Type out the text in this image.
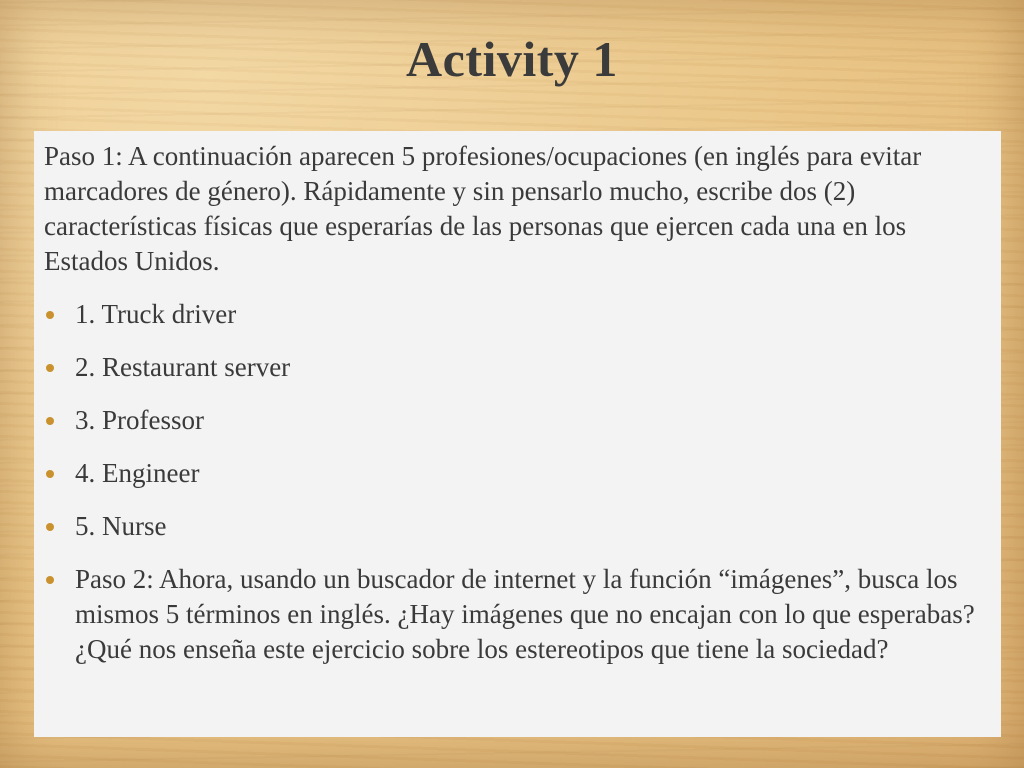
Activity 1

Paso 1: A continuación aparecen 5 profesiones/ocupaciones (en inglés para evitar marcadores de género). Rápidamente y sin pensarlo mucho, escribe dos (2) características físicas que esperarías de las personas que ejercen cada una en los Estados Unidos.

1. Truck driver
2. Restaurant server
3. Professor
4. Engineer
5. Nurse
Paso 2: Ahora, usando un buscador de internet y la función “imágenes”, busca los mismos 5 términos en inglés. ¿Hay imágenes que no encajan con lo que esperabas? ¿Qué nos enseña este ejercicio sobre los estereotipos que tiene la sociedad?
